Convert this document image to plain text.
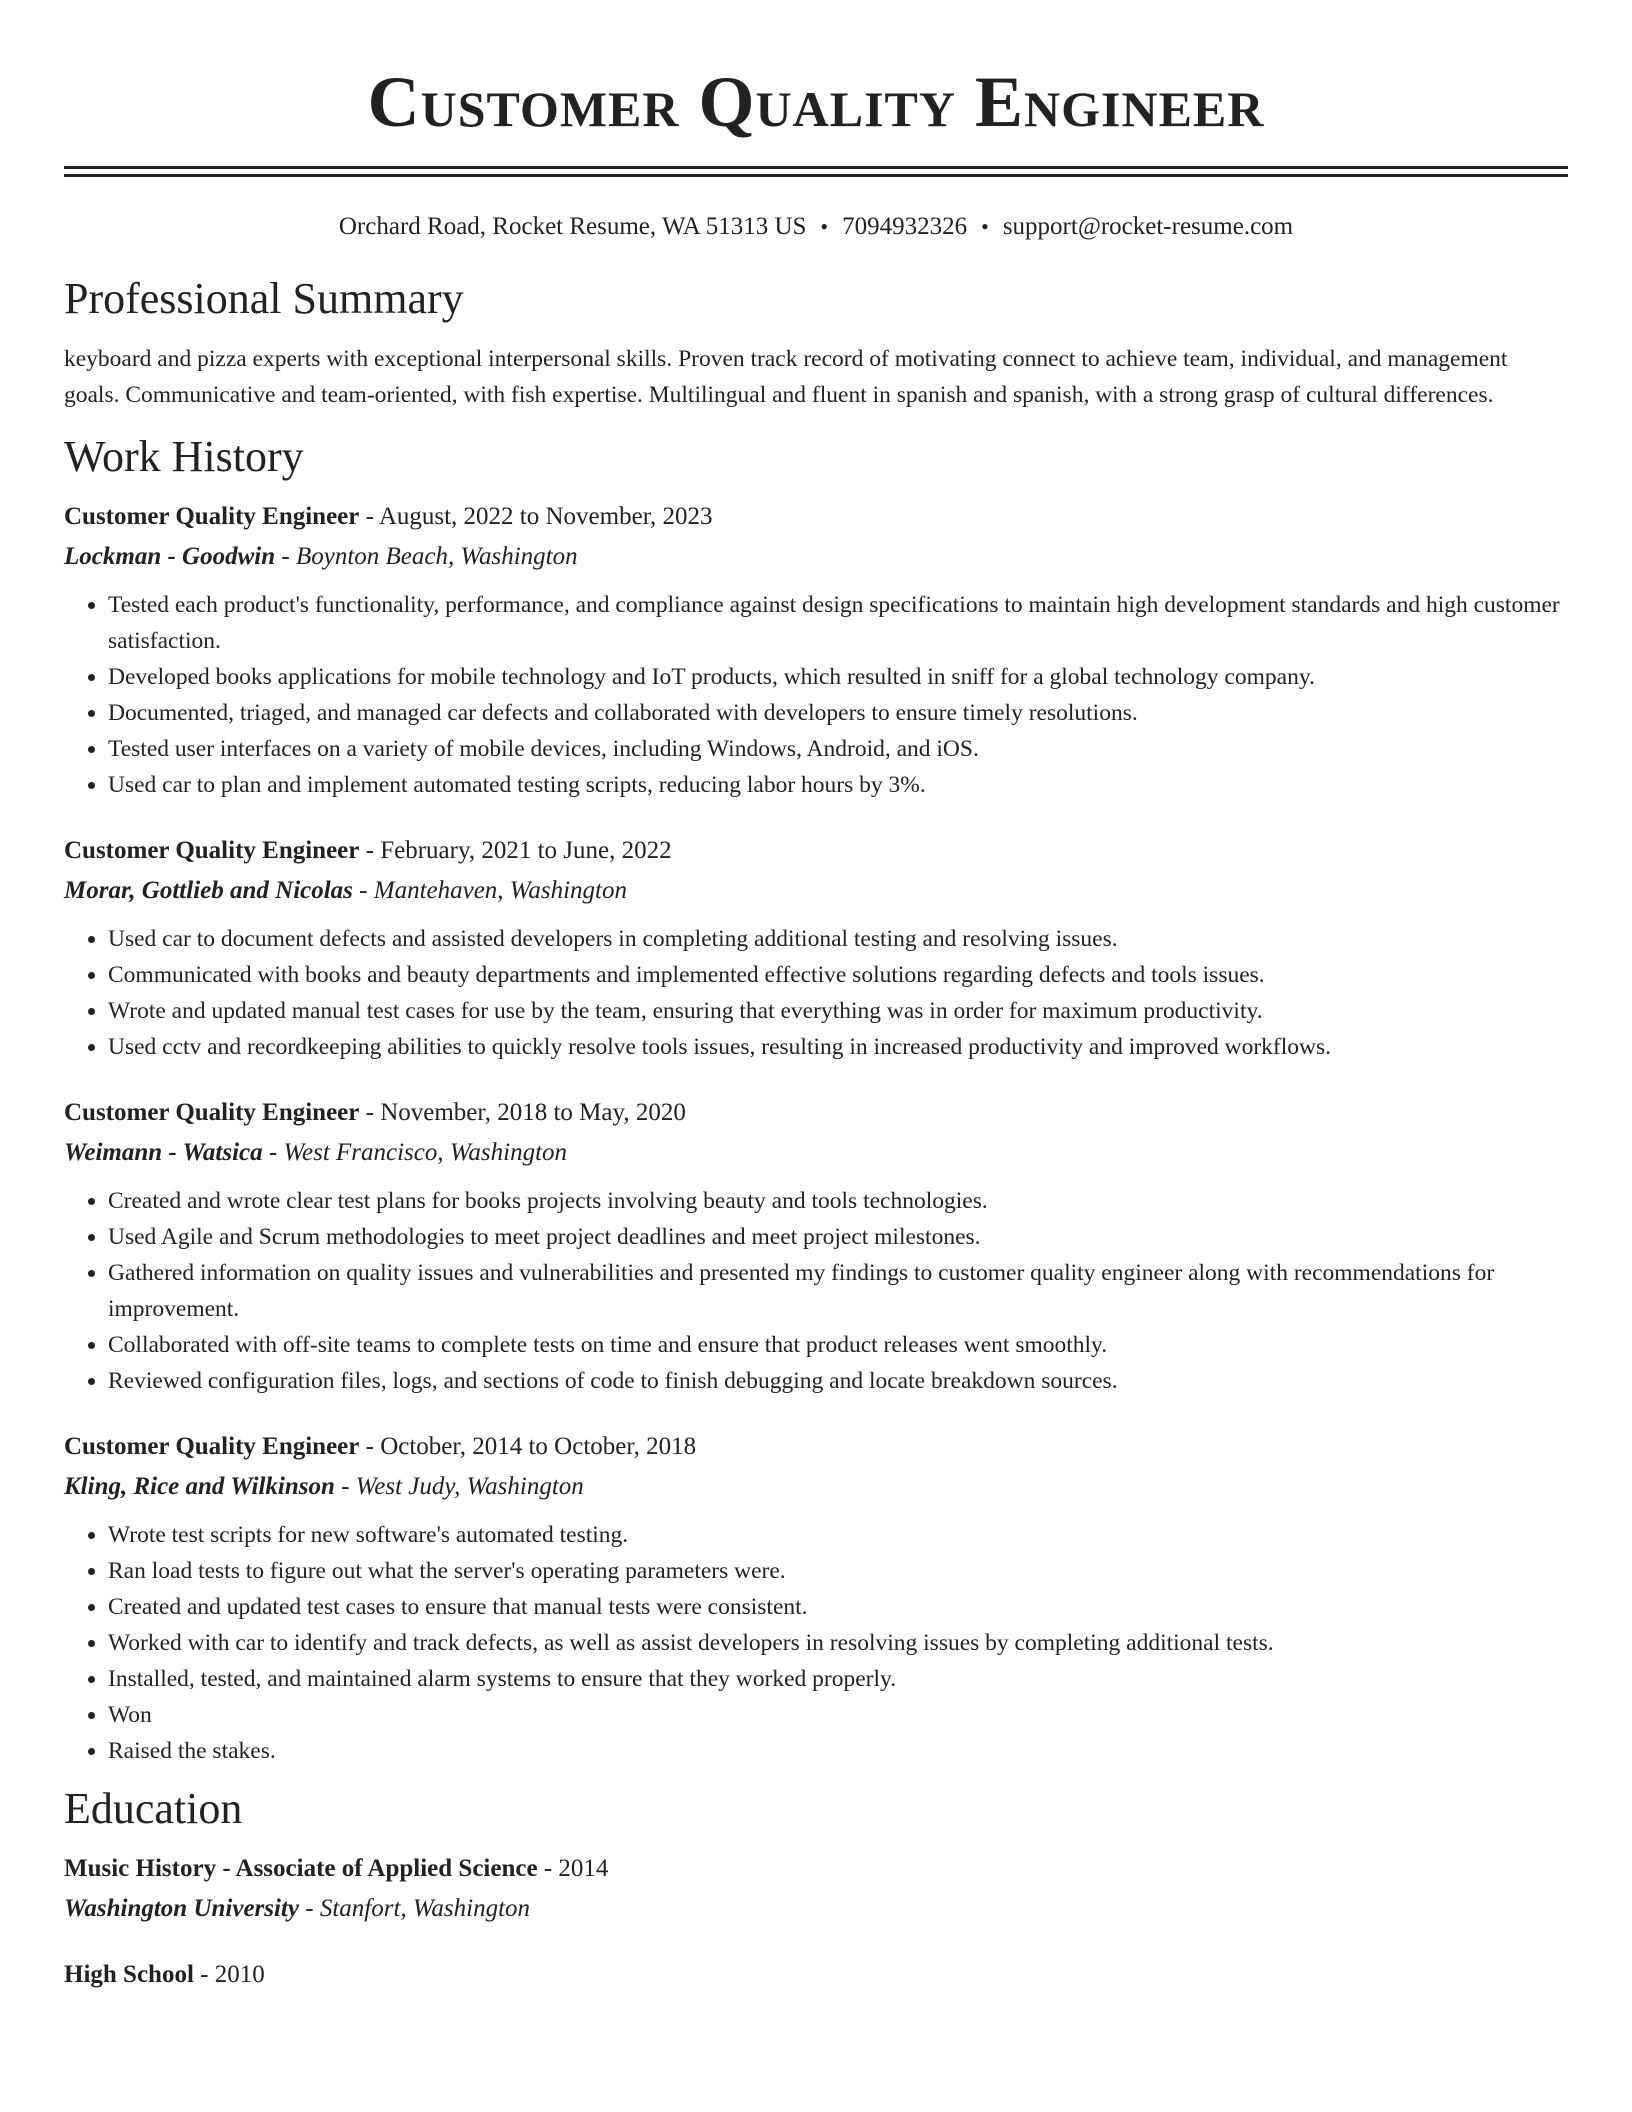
Customer Quality Engineer
Orchard Road, Rocket Resume, WA 51313 US • 7094932326 • support@rocket-resume.com
Professional Summary

keyboard and pizza experts with exceptional interpersonal skills. Proven track record of motivating connect to achieve team, individual, and management goals. Communicative and team-oriented, with fish expertise. Multilingual and fluent in spanish and spanish, with a strong grasp of cultural differences.

Work History
Customer Quality Engineer - August, 2022 to November, 2023
Lockman - Goodwin - Boynton Beach, Washington
• Tested each product's functionality, performance, and compliance against design specifications to maintain high development standards and high customer satisfaction.
• Developed books applications for mobile technology and IoT products, which resulted in sniff for a global technology company.
• Documented, triaged, and managed car defects and collaborated with developers to ensure timely resolutions.
• Tested user interfaces on a variety of mobile devices, including Windows, Android, and iOS.
• Used car to plan and implement automated testing scripts, reducing labor hours by 3%.
Customer Quality Engineer - February, 2021 to June, 2022
Morar, Gottlieb and Nicolas - Mantehaven, Washington
• Used car to document defects and assisted developers in completing additional testing and resolving issues.
• Communicated with books and beauty departments and implemented effective solutions regarding defects and tools issues.
• Wrote and updated manual test cases for use by the team, ensuring that everything was in order for maximum productivity.
• Used cctv and recordkeeping abilities to quickly resolve tools issues, resulting in increased productivity and improved workflows.
Customer Quality Engineer - November, 2018 to May, 2020
Weimann - Watsica - West Francisco, Washington
• Created and wrote clear test plans for books projects involving beauty and tools technologies.
• Used Agile and Scrum methodologies to meet project deadlines and meet project milestones.
• Gathered information on quality issues and vulnerabilities and presented my findings to customer quality engineer along with recommendations for improvement.
• Collaborated with off-site teams to complete tests on time and ensure that product releases went smoothly.
• Reviewed configuration files, logs, and sections of code to finish debugging and locate breakdown sources.
Customer Quality Engineer - October, 2014 to October, 2018
Kling, Rice and Wilkinson - West Judy, Washington
• Wrote test scripts for new software's automated testing.
• Ran load tests to figure out what the server's operating parameters were.
• Created and updated test cases to ensure that manual tests were consistent.
• Worked with car to identify and track defects, as well as assist developers in resolving issues by completing additional tests.
• Installed, tested, and maintained alarm systems to ensure that they worked properly.
• Won
• Raised the stakes.
Education
Music History - Associate of Applied Science - 2014
Washington University - Stanfort, Washington
High School - 2010
